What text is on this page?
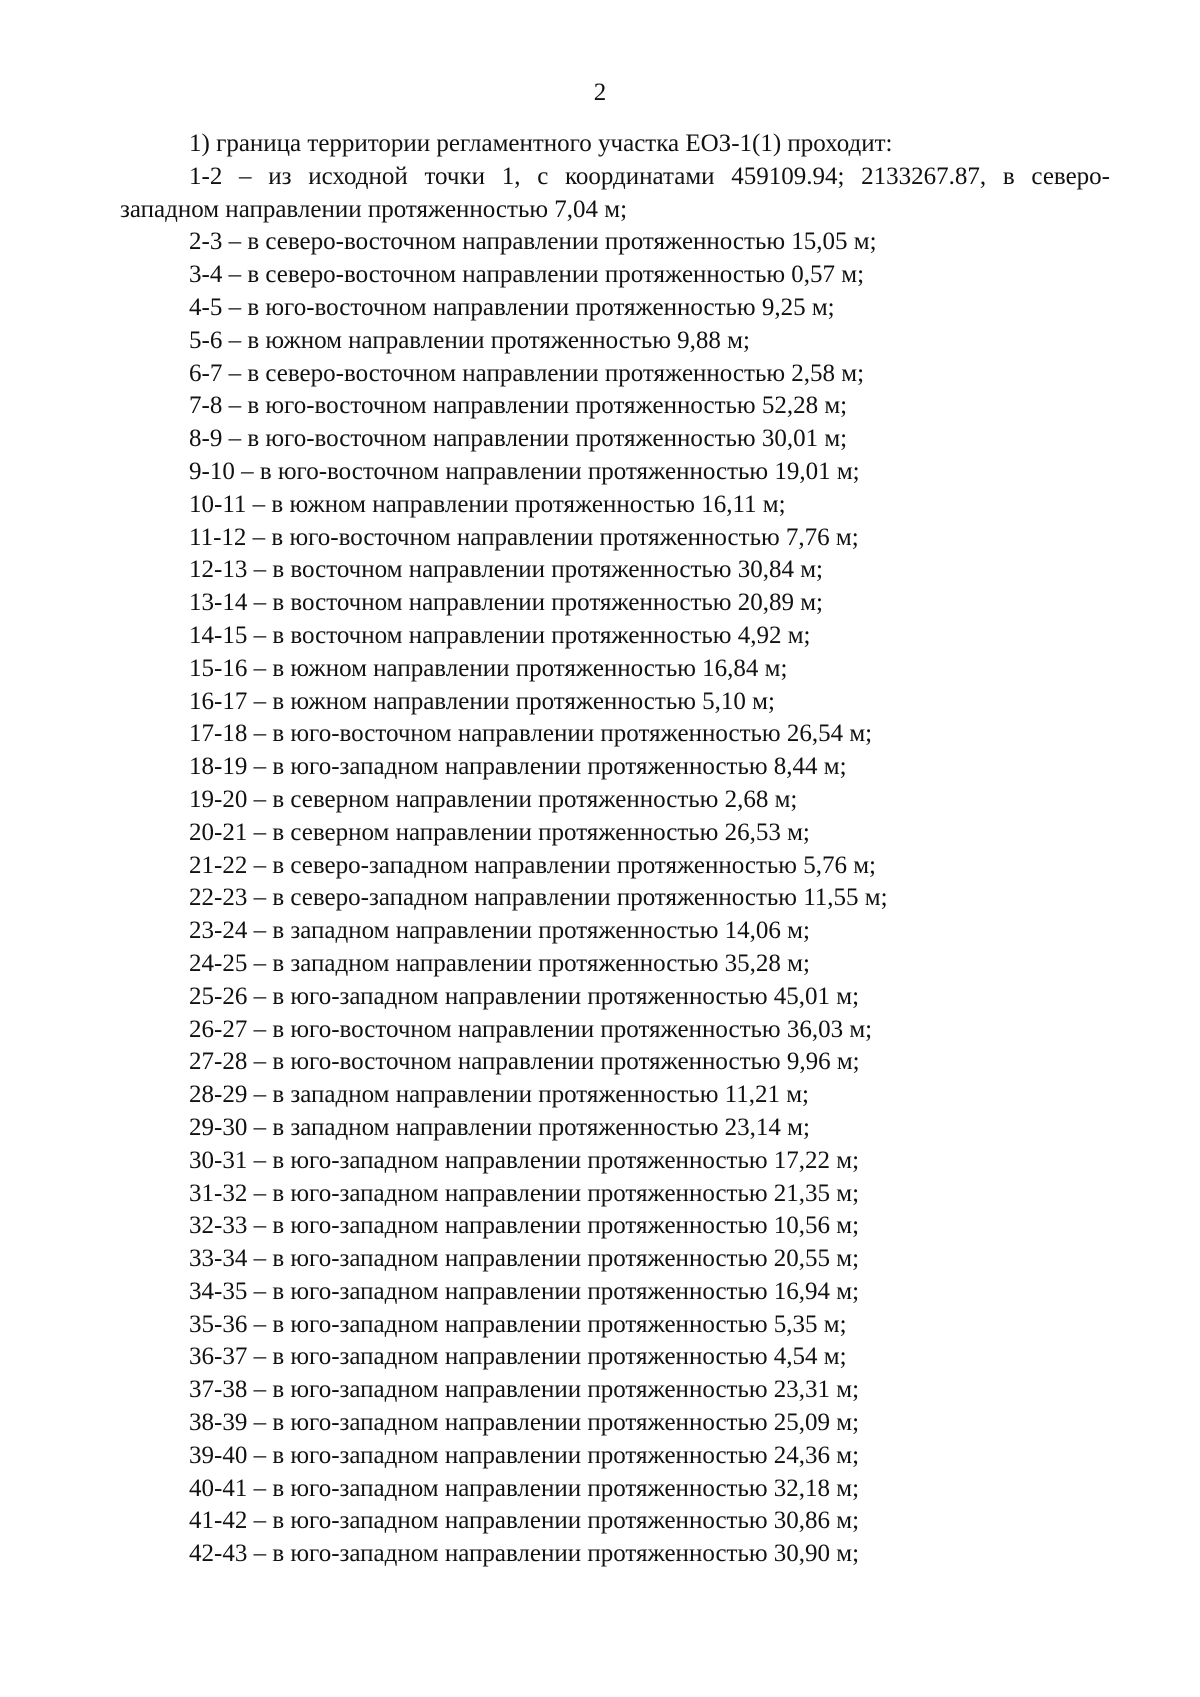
2
1) граница территории регламентного участка ЕОЗ-1(1) проходит:
1-2 – из исходной точки 1, с координатами 459109.94; 2133267.87, в северо-
западном направлении протяженностью 7,04 м;
2-3 – в северо-восточном направлении протяженностью 15,05 м;
3-4 – в северо-восточном направлении протяженностью 0,57 м;
4-5 – в юго-восточном направлении протяженностью 9,25 м;
5-6 – в южном направлении протяженностью 9,88 м;
6-7 – в северо-восточном направлении протяженностью 2,58 м;
7-8 – в юго-восточном направлении протяженностью 52,28 м;
8-9 – в юго-восточном направлении протяженностью 30,01 м;
9-10 – в юго-восточном направлении протяженностью 19,01 м;
10-11 – в южном направлении протяженностью 16,11 м;
11-12 – в юго-восточном направлении протяженностью 7,76 м;
12-13 – в восточном направлении протяженностью 30,84 м;
13-14 – в восточном направлении протяженностью 20,89 м;
14-15 – в восточном направлении протяженностью 4,92 м;
15-16 – в южном направлении протяженностью 16,84 м;
16-17 – в южном направлении протяженностью 5,10 м;
17-18 – в юго-восточном направлении протяженностью 26,54 м;
18-19 – в юго-западном направлении протяженностью 8,44 м;
19-20 – в северном направлении протяженностью 2,68 м;
20-21 – в северном направлении протяженностью 26,53 м;
21-22 – в северо-западном направлении протяженностью 5,76 м;
22-23 – в северо-западном направлении протяженностью 11,55 м;
23-24 – в западном направлении протяженностью 14,06 м;
24-25 – в западном направлении протяженностью 35,28 м;
25-26 – в юго-западном направлении протяженностью 45,01 м;
26-27 – в юго-восточном направлении протяженностью 36,03 м;
27-28 – в юго-восточном направлении протяженностью 9,96 м;
28-29 – в западном направлении протяженностью 11,21 м;
29-30 – в западном направлении протяженностью 23,14 м;
30-31 – в юго-западном направлении протяженностью 17,22 м;
31-32 – в юго-западном направлении протяженностью 21,35 м;
32-33 – в юго-западном направлении протяженностью 10,56 м;
33-34 – в юго-западном направлении протяженностью 20,55 м;
34-35 – в юго-западном направлении протяженностью 16,94 м;
35-36 – в юго-западном направлении протяженностью 5,35 м;
36-37 – в юго-западном направлении протяженностью 4,54 м;
37-38 – в юго-западном направлении протяженностью 23,31 м;
38-39 – в юго-западном направлении протяженностью 25,09 м;
39-40 – в юго-западном направлении протяженностью 24,36 м;
40-41 – в юго-западном направлении протяженностью 32,18 м;
41-42 – в юго-западном направлении протяженностью 30,86 м;
42-43 – в юго-западном направлении протяженностью 30,90 м;
